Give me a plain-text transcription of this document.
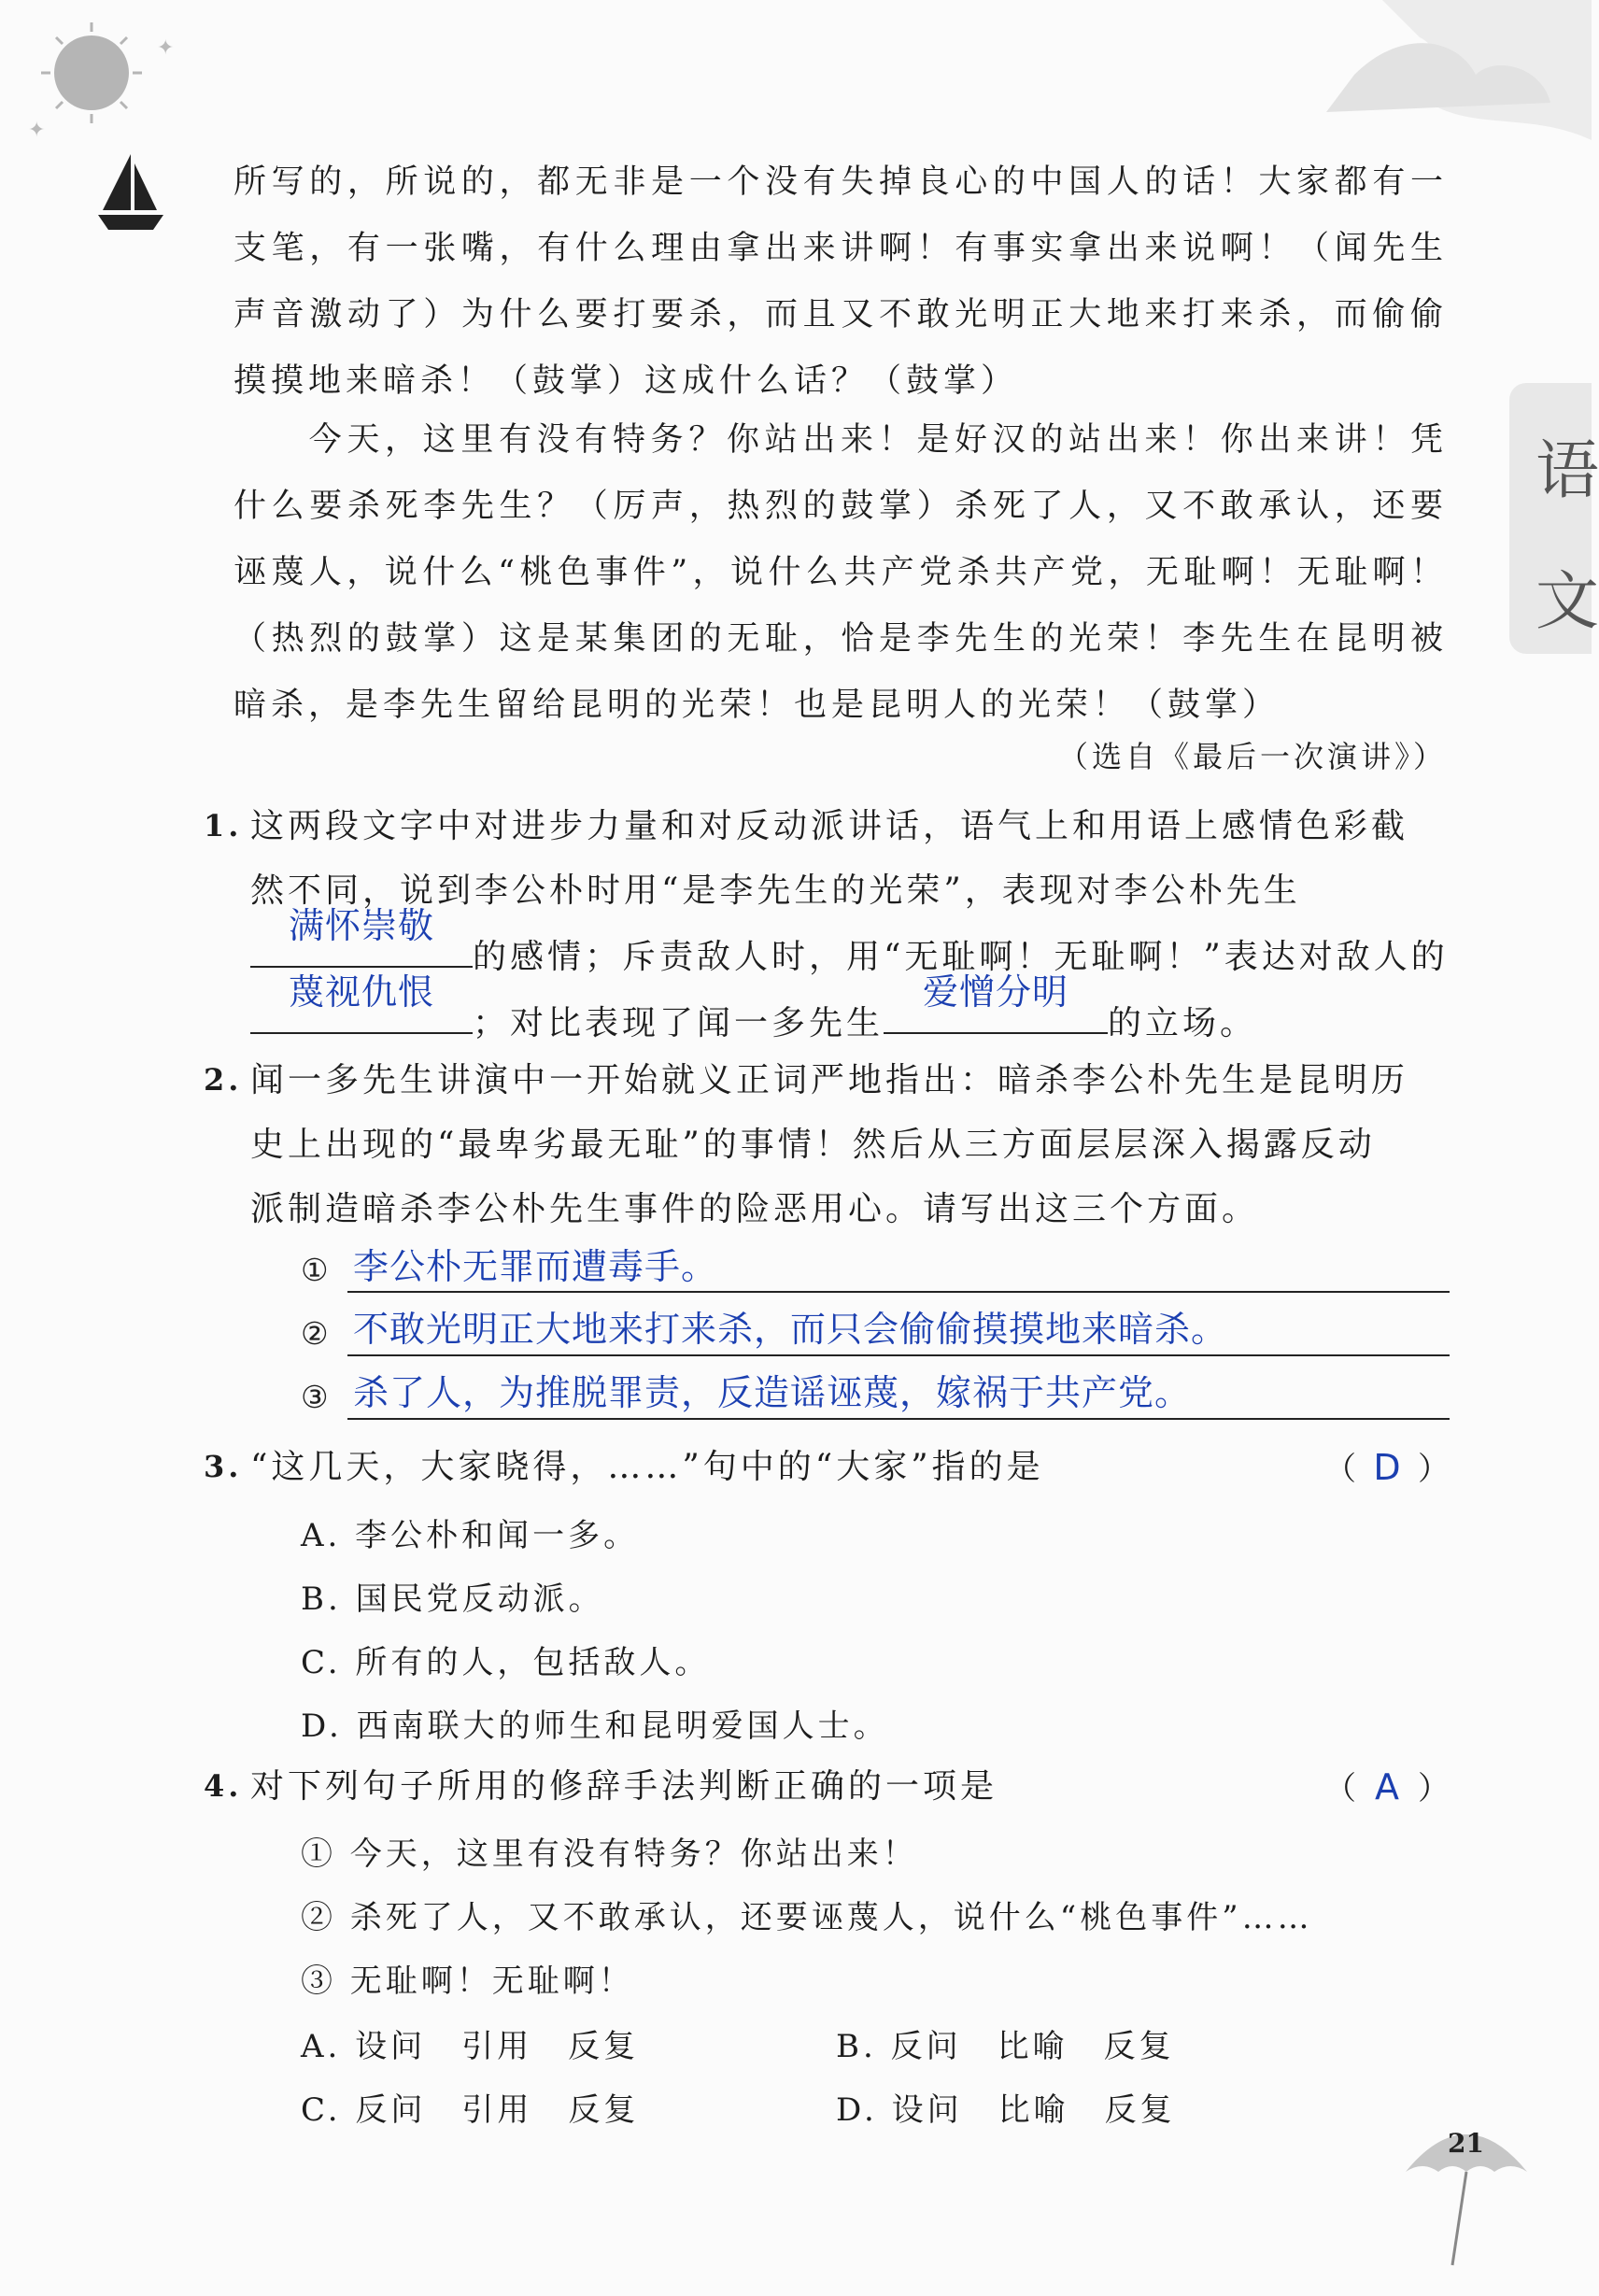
✦
✦
语
文

所写的，所说的，都无非是一个没有失掉良心的中国人的话！大家都有一支笔，有一张嘴，有什么理由拿出来讲啊！有事实拿出来说啊！（闻先生声音激动了）为什么要打要杀，而且又不敢光明正大地来打来杀，而偷偷摸摸地来暗杀！（鼓掌）这成什么话？（鼓掌）

今天，这里有没有特务？你站出来！是好汉的站出来！你出来讲！凭什么要杀死李先生？（厉声，热烈的鼓掌）杀死了人，又不敢承认，还要诬蔑人，说什么“桃色事件”，说什么共产党杀共产党，无耻啊！无耻啊！（热烈的鼓掌）这是某集团的无耻，恰是李先生的光荣！李先生在昆明被暗杀，是李先生留给昆明的光荣！也是昆明人的光荣！（鼓掌）

（选自《最后一次演讲》）
1. 这两段文字中对进步力量和对反动派讲话，语气上和用语上感情色彩截
然不同，说到李公朴时用“是李先生的光荣”，表现对李公朴先生
满怀崇敬
的感情；斥责敌人时，用“无耻啊！无耻啊！”表达对敌人的
蔑视仇恨
；对比表现了闻一多先生
爱憎分明
的立场。
2. 闻一多先生讲演中一开始就义正词严地指出：暗杀李公朴先生是昆明历
史上出现的“最卑劣最无耻”的事情！然后从三方面层层深入揭露反动
派制造暗杀李公朴先生事件的险恶用心。请写出这三个方面。
① 李公朴无罪而遭毒手。
② 不敢光明正大地来打来杀，而只会偷偷摸摸地来暗杀。
③ 杀了人，为推脱罪责，反造谣诬蔑，嫁祸于共产党。
3. “这几天，大家晓得，……”句中的“大家”指的是	（ D ）
A. 李公朴和闻一多。
B. 国民党反动派。
C. 所有的人，包括敌人。
D. 西南联大的师生和昆明爱国人士。
4. 对下列句子所用的修辞手法判断正确的一项是	（ A ）
① 今天，这里有没有特务？你站出来！
② 杀死了人，又不敢承认，还要诬蔑人，说什么“桃色事件”……
③ 无耻啊！无耻啊！
A. 设问　引用　反复	B. 反问　比喻　反复
C. 反问　引用　反复	D. 设问　比喻　反复
21
